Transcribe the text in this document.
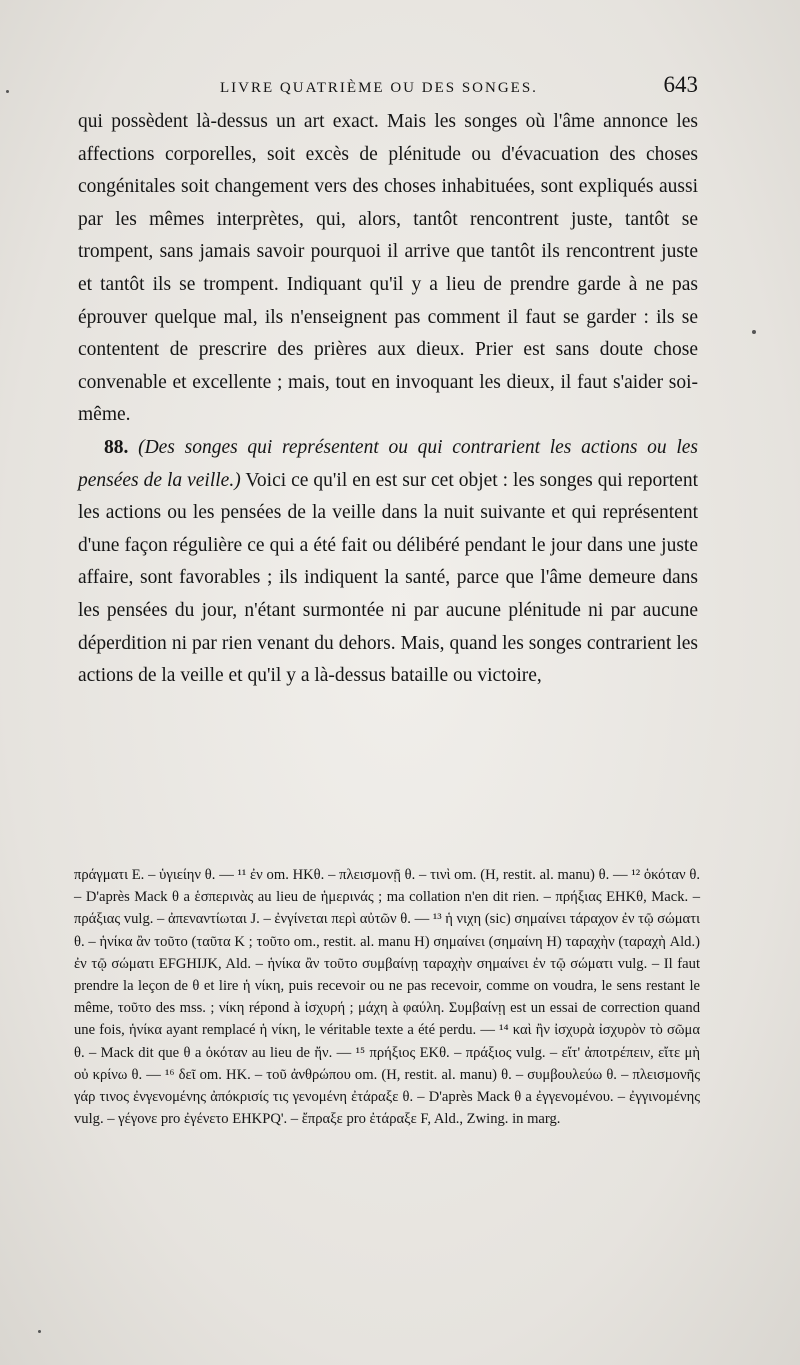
LIVRE QUATRIÈME OU DES SONGES.	643

qui possèdent là-dessus un art exact. Mais les songes où l'âme annonce les affections corporelles, soit excès de plénitude ou d'évacuation des choses congénitales soit changement vers des choses inhabituées, sont expliqués aussi par les mêmes interprètes, qui, alors, tantôt rencontrent juste, tantôt se trompent, sans jamais savoir pourquoi il arrive que tantôt ils rencontrent juste et tantôt ils se trompent. Indiquant qu'il y a lieu de prendre garde à ne pas éprouver quelque mal, ils n'enseignent pas comment il faut se garder : ils se contentent de prescrire des prières aux dieux. Prier est sans doute chose convenable et excellente ; mais, tout en invoquant les dieux, il faut s'aider soi-même.

88. (Des songes qui représentent ou qui contrarient les actions ou les pensées de la veille.) Voici ce qu'il en est sur cet objet : les songes qui reportent les actions ou les pensées de la veille dans la nuit suivante et qui représentent d'une façon régulière ce qui a été fait ou délibéré pendant le jour dans une juste affaire, sont favorables ; ils indiquent la santé, parce que l'âme demeure dans les pensées du jour, n'étant surmontée ni par aucune plénitude ni par aucune déperdition ni par rien venant du dehors. Mais, quand les songes contrarient les actions de la veille et qu'il y a là-dessus bataille ou victoire,

πράγματι E. – ὑγιείην θ. — ¹¹ ἐν om. HKθ. – πλεισμονῇ θ. – τινὶ om. (H, restit. al. manu) θ. — ¹² ὁκόταν θ. – D'après Mack θ a ἑσπερινὰς au lieu de ἡμερινάς ; ma collation n'en dit rien. – πρήξιας EHKθ, Mack. – πράξιας vulg. – ἀπεναντίωται J. – ἐνγίνεται περὶ αὐτῶν θ. — ¹³ ἡ νιχη (sic) σημαίνει τάραχον ἐν τῷ σώματι θ. – ἡνίκα ἂν τοῦτο (ταῦτα K ; τοῦτο om., restit. al. manu H) σημαίνει (σημαίνη H) ταραχὴν (ταραχὴ Ald.) ἐν τῷ σώματι EFGHIJK, Ald. – ἡνίκα ἂν τοῦτο συμβαίνῃ ταραχὴν σημαίνει ἐν τῷ σώματι vulg. – Il faut prendre la leçon de θ et lire ἡ νίκη, puis recevoir ou ne pas recevoir, comme on voudra, le sens restant le même, τοῦτο des mss. ; νίκη répond à ἰσχυρή ; μάχη à φαύλη. Συμβαίνῃ est un essai de correction quand une fois, ἡνίκα ayant remplacé ἡ νίκη, le véritable texte a été perdu. — ¹⁴ καὶ ἢν ἰσχυρὰ ἰσχυρὸν τὸ σῶμα θ. – Mack dit que θ a ὁκόταν au lieu de ἤν. — ¹⁵ πρήξιος EKθ. – πράξιος vulg. – εἴτ' ἀποτρέπειν, εἴτε μὴ οὐ κρίνω θ. — ¹⁶ δεῖ om. HK. – τοῦ ἀνθρώπου om. (H, restit. al. manu) θ. – συμβουλεύω θ. – πλεισμονῆς γάρ τινος ἐνγενομένης ἀπόκρισίς τις γενομένη ἐτάραξε θ. – D'après Mack θ a ἐγγενομένου. – ἐγγινομένης vulg. – γέγονε pro ἐγένετο EHKPQ'. – ἔπραξε pro ἐτάραξε F, Ald., Zwing. in marg.
